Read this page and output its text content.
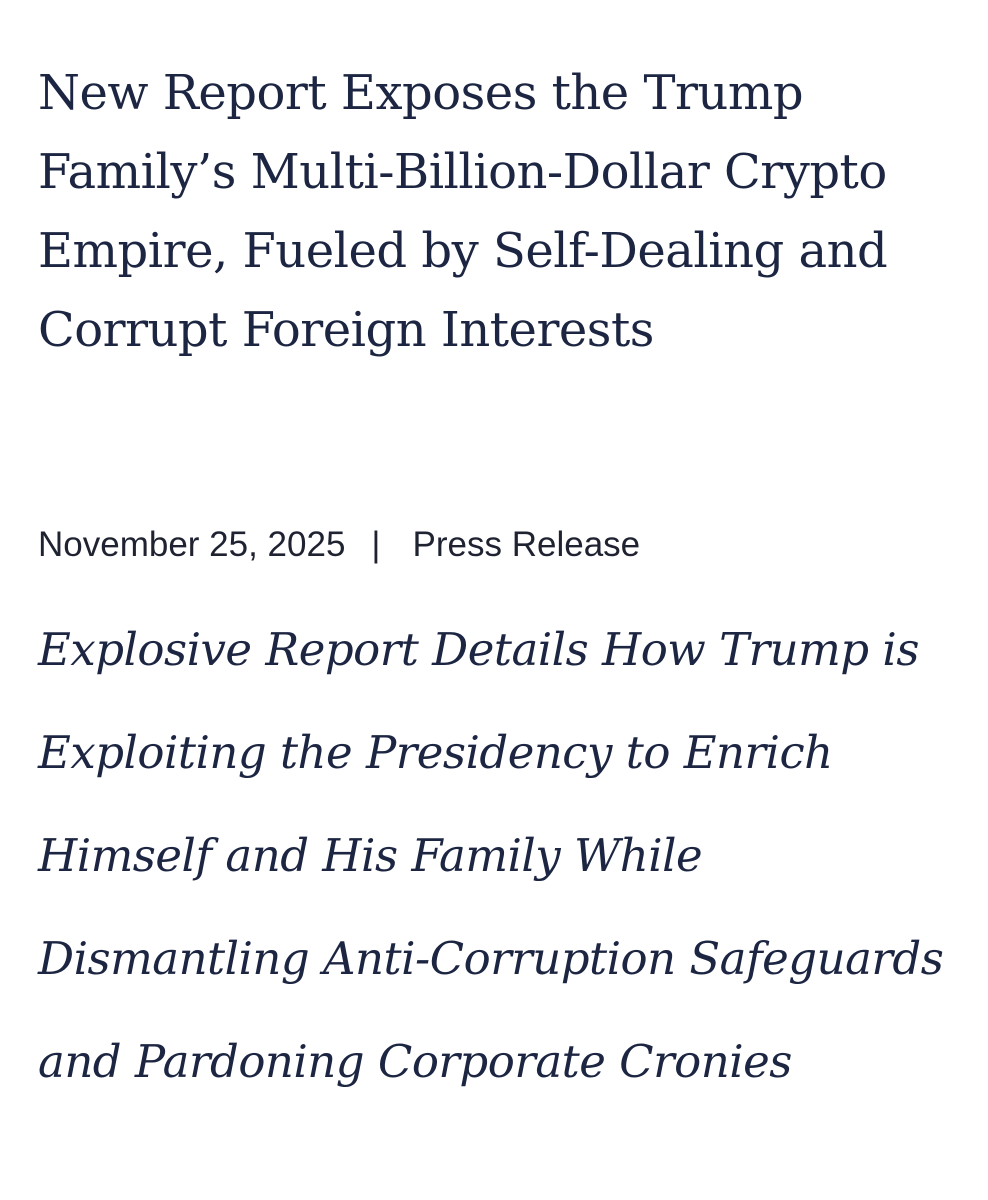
New Report Exposes the Trump Family’s Multi-Billion-Dollar Crypto Empire, Fueled by Self-Dealing and Corrupt Foreign Interests
November 25, 2025 | Press Release
Explosive Report Details How Trump is Exploiting the Presidency to Enrich Himself and His Family While Dismantling Anti-Corruption Safeguards and Pardoning Corporate Cronies
